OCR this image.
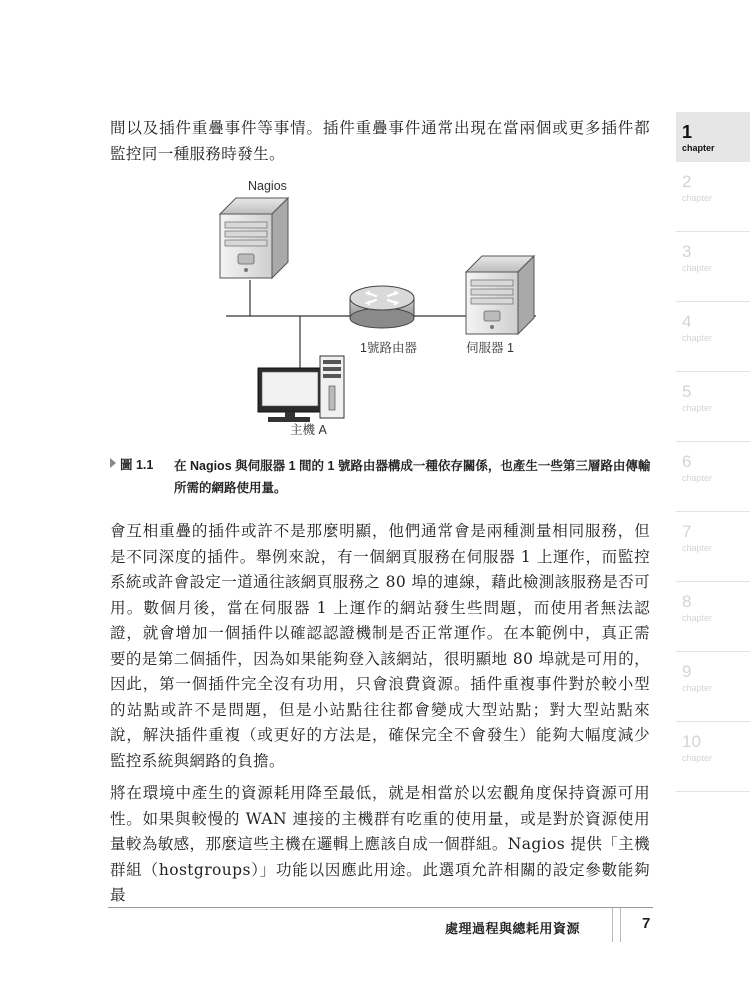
間以及插件重疊事件等事情。插件重疊事件通常出現在當兩個或更多插件都監控同一種服務時發生。

Nagios
1號路由器	伺服器 1
主機 A
圖 1.1 在 Nagios 與伺服器 1 間的 1 號路由器構成一種依存關係，也產生一些第三層路由傳輸所需的網路使用量。

會互相重疊的插件或許不是那麼明顯，他們通常會是兩種測量相同服務，但是不同深度的插件。舉例來說，有一個網頁服務在伺服器 1 上運作，而監控系統或許會設定一道通往該網頁服務之 80 埠的連線，藉此檢測該服務是否可用。數個月後，當在伺服器 1 上運作的網站發生些問題，而使用者無法認證，就會增加一個插件以確認認證機制是否正常運作。在本範例中，真正需要的是第二個插件，因為如果能夠登入該網站，很明顯地 80 埠就是可用的，因此，第一個插件完全沒有功用，只會浪費資源。插件重複事件對於較小型的站點或許不是問題，但是小站點往往都會變成大型站點；對大型站點來說，解決插件重複（或更好的方法是，確保完全不會發生）能夠大幅度減少監控系統與網路的負擔。

將在環境中產生的資源耗用降至最低，就是相當於以宏觀角度保持資源可用性。如果與較慢的 WAN 連接的主機群有吃重的使用量，或是對於資源使用量較為敏感，那麼這些主機在邏輯上應該自成一個群組。Nagios 提供「主機群組（hostgroups）」功能以因應此用途。此選項允許相關的設定參數能夠最

1
chapter
2
chapter
3
chapter
4
chapter
5
chapter
6
chapter
7
chapter
8
chapter
9
chapter
10
chapter
處理過程與總耗用資源	7
